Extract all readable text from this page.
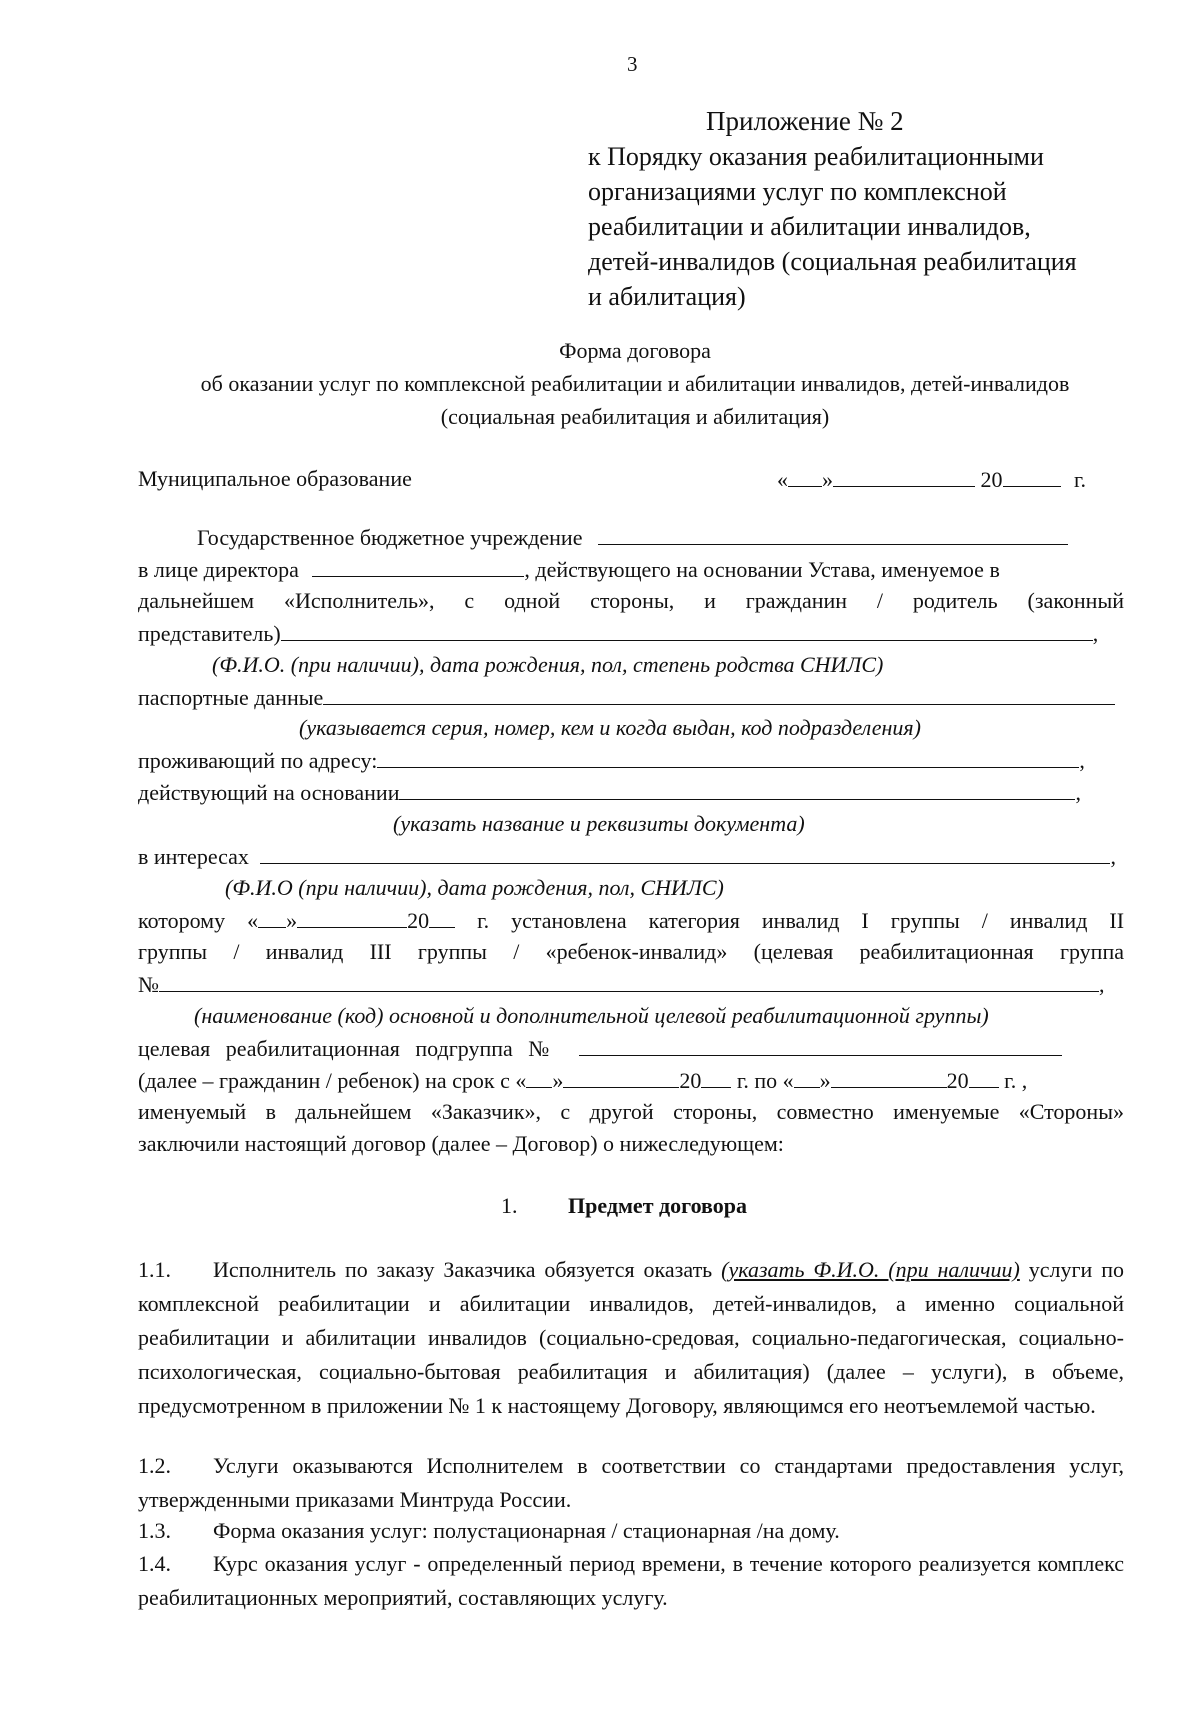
3
Приложение № 2
к Порядку оказания реабилитационными
организациями услуг по комплексной
реабилитации и абилитации инвалидов,
детей-инвалидов (социальная реабилитация
и абилитация)
Форма договора
об оказании услуг по комплексной реабилитации и абилитации инвалидов, детей-инвалидов
(социальная реабилитация и абилитация)
Муниципальное образование	« »	20	г.
Государственное бюджетное учреждение
в лице директора	, действующего на основании Устава, именуемое в
дальнейшем «Исполнитель», с одной стороны, и гражданин / родитель (законный
представитель)	,
(Ф.И.О. (при наличии), дата рождения, пол, степень родства СНИЛС)
паспортные данные
(указывается серия, номер, кем и когда выдан, код подразделения)
проживающий по адресу:	,
действующий на основании	,
(указать название и реквизиты документа)
в интересах	,
(Ф.И.О (при наличии), дата рождения, пол, СНИЛС)
которому « »	20 г. установлена категория инвалид I группы / инвалид II
группы / инвалид III группы / «ребенок-инвалид» (целевая реабилитационная группа
№	,
(наименование (код) основной и дополнительной целевой реабилитационной группы)
целевая реабилитационная подгруппа №
(далее – гражданин / ребенок) на срок с « »	20 г. по « »	20 г. ,
именуемый в дальнейшем «Заказчик», с другой стороны, совместно именуемые «Стороны»
заключили настоящий договор (далее – Договор) о нижеследующем:
1. Предмет договора
1.1. Исполнитель по заказу Заказчика обязуется оказать (указать Ф.И.О. (при наличии) услуги по комплексной реабилитации и абилитации инвалидов, детей-инвалидов, а именно социальной реабилитации и абилитации инвалидов (социально-средовая, социально-педагогическая, социально-психологическая, социально-бытовая реабилитация и абилитация) (далее – услуги), в объеме, предусмотренном в приложении № 1 к настоящему Договору, являющимся его неотъемлемой частью.
1.2. Услуги оказываются Исполнителем в соответствии со стандартами предоставления услуг, утвержденными приказами Минтруда России.
1.3. Форма оказания услуг: полустационарная / стационарная /на дому.
1.4. Курс оказания услуг - определенный период времени, в течение которого реализуется комплекс реабилитационных мероприятий, составляющих услугу.
